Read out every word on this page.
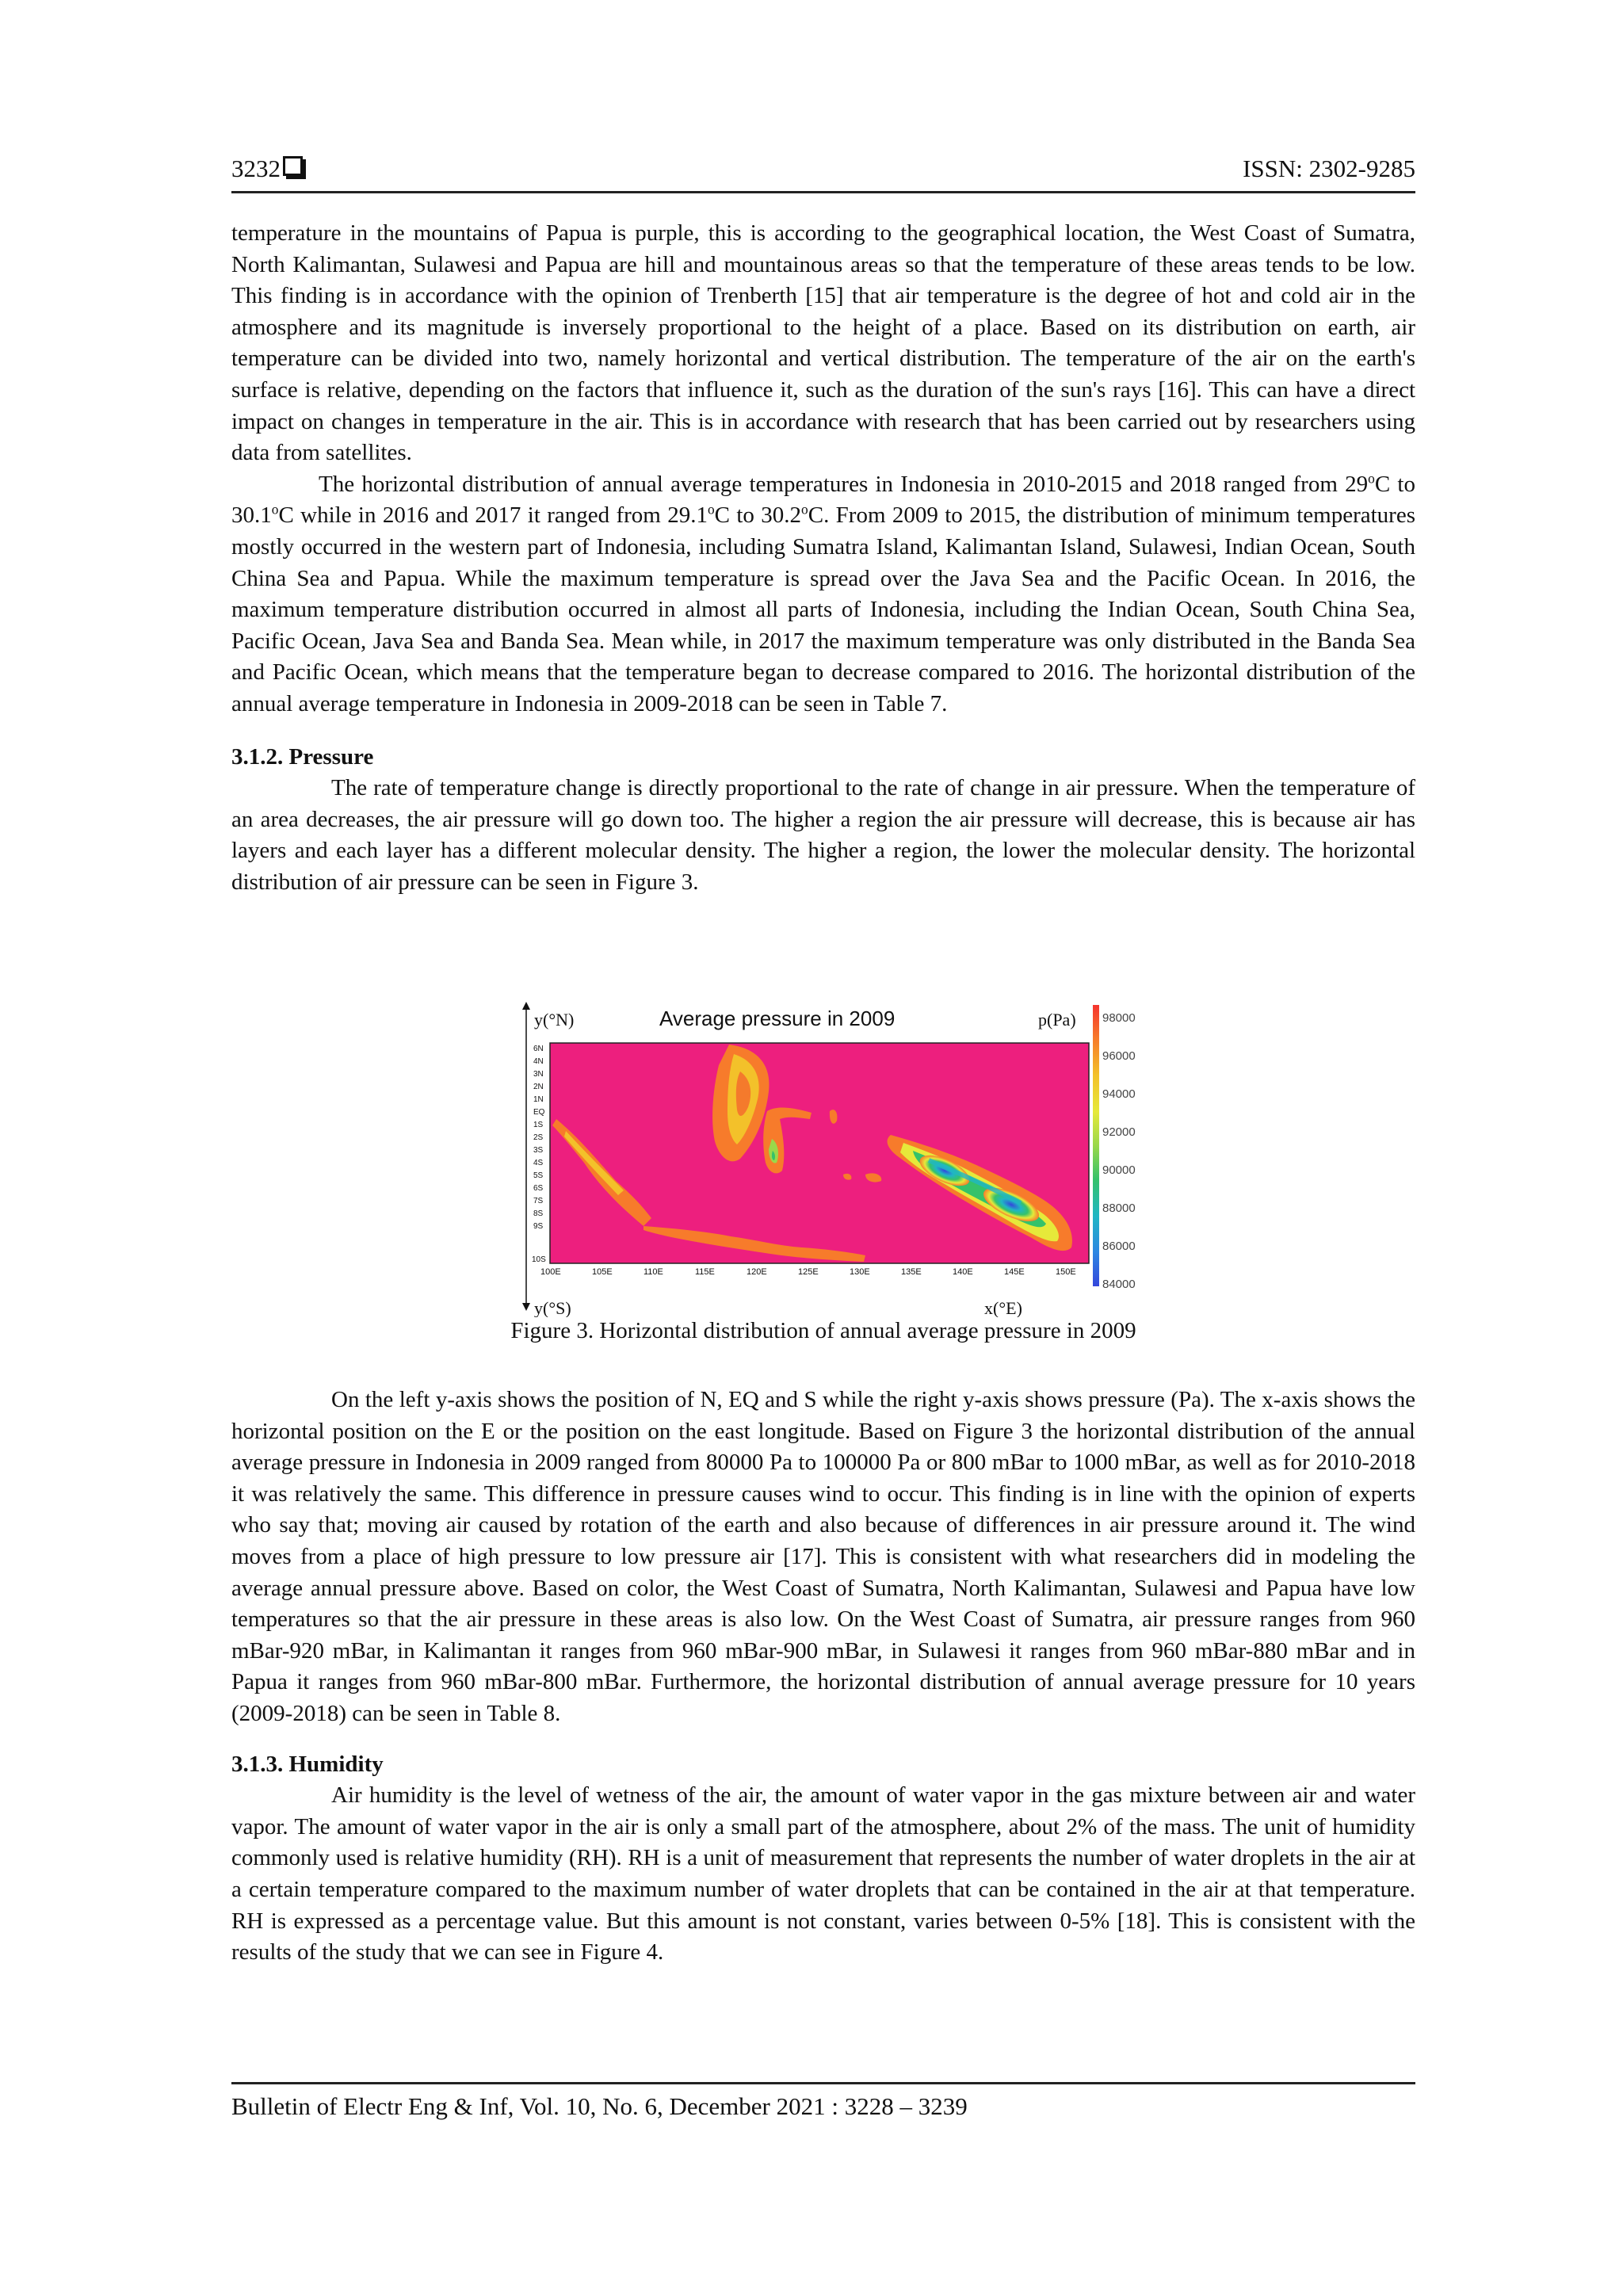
3232	ISSN: 2302-9285

temperature in the mountains of Papua is purple, this is according to the geographical location, the West Coast of Sumatra, North Kalimantan, Sulawesi and Papua are hill and mountainous areas so that the temperature of these areas tends to be low. This finding is in accordance with the opinion of Trenberth [15] that air temperature is the degree of hot and cold air in the atmosphere and its magnitude is inversely proportional to the height of a place. Based on its distribution on earth, air temperature can be divided into two, namely horizontal and vertical distribution. The temperature of the air on the earth's surface is relative, depending on the factors that influence it, such as the duration of the sun's rays [16]. This can have a direct impact on changes in temperature in the air. This is in accordance with research that has been carried out by researchers using data from satellites.

The horizontal distribution of annual average temperatures in Indonesia in 2010-2015 and 2018 ranged from 29$^o$C to 30.1$^o$C while in 2016 and 2017 it ranged from 29.1$^o$C to 30.2$^o$C. From 2009 to 2015, the distribution of minimum temperatures mostly occurred in the western part of Indonesia, including Sumatra Island, Kalimantan Island, Sulawesi, Indian Ocean, South China Sea and Papua. While the maximum temperature is spread over the Java Sea and the Pacific Ocean. In 2016, the maximum temperature distribution occurred in almost all parts of Indonesia, including the Indian Ocean, South China Sea, Pacific Ocean, Java Sea and Banda Sea. Mean while, in 2017 the maximum temperature was only distributed in the Banda Sea and Pacific Ocean, which means that the temperature began to decrease compared to 2016. The horizontal distribution of the annual average temperature in Indonesia in 2009-2018 can be seen in Table 7.

3.1.2. Pressure

The rate of temperature change is directly proportional to the rate of change in air pressure. When the temperature of an area decreases, the air pressure will go down too. The higher a region the air pressure will decrease, this is because air has layers and each layer has a different molecular density. The higher a region, the lower the molecular density. The horizontal distribution of air pressure can be seen in Figure 3.

Average pressure in 2009
y(°N)
y(°S)	x(°E)
p(Pa)
6N
4N
3N
2N
1N
EQ
1S
2S
3S
4S
5S
6S
7S
8S
9S
10S
100E	105E	110E	115E	120E	125E	130E	135E	140E	145E	150E
98000
96000
94000
92000
90000
88000
86000
84000
Figure 3. Horizontal distribution of annual average pressure in 2009

On the left y-axis shows the position of N, EQ and S while the right y-axis shows pressure (Pa). The x-axis shows the horizontal position on the E or the position on the east longitude. Based on Figure 3 the horizontal distribution of the annual average pressure in Indonesia in 2009 ranged from 80000 Pa to 100000 Pa or 800 mBar to 1000 mBar, as well as for 2010-2018 it was relatively the same. This difference in pressure causes wind to occur. This finding is in line with the opinion of experts who say that; moving air caused by rotation of the earth and also because of differences in air pressure around it. The wind moves from a place of high pressure to low pressure air [17]. This is consistent with what researchers did in modeling the average annual pressure above. Based on color, the West Coast of Sumatra, North Kalimantan, Sulawesi and Papua have low temperatures so that the air pressure in these areas is also low. On the West Coast of Sumatra, air pressure ranges from 960 mBar-920 mBar, in Kalimantan it ranges from 960 mBar-900 mBar, in Sulawesi it ranges from 960 mBar-880 mBar and in Papua it ranges from 960 mBar-800 mBar. Furthermore, the horizontal distribution of annual average pressure for 10 years (2009-2018) can be seen in Table 8.

3.1.3. Humidity

Air humidity is the level of wetness of the air, the amount of water vapor in the gas mixture between air and water vapor. The amount of water vapor in the air is only a small part of the atmosphere, about 2% of the mass. The unit of humidity commonly used is relative humidity (RH). RH is a unit of measurement that represents the number of water droplets in the air at a certain temperature compared to the maximum number of water droplets that can be contained in the air at that temperature. RH is expressed as a percentage value. But this amount is not constant, varies between 0-5% [18]. This is consistent with the results of the study that we can see in Figure 4.

Bulletin of Electr Eng & Inf, Vol. 10, No. 6, December 2021 : 3228 – 3239
